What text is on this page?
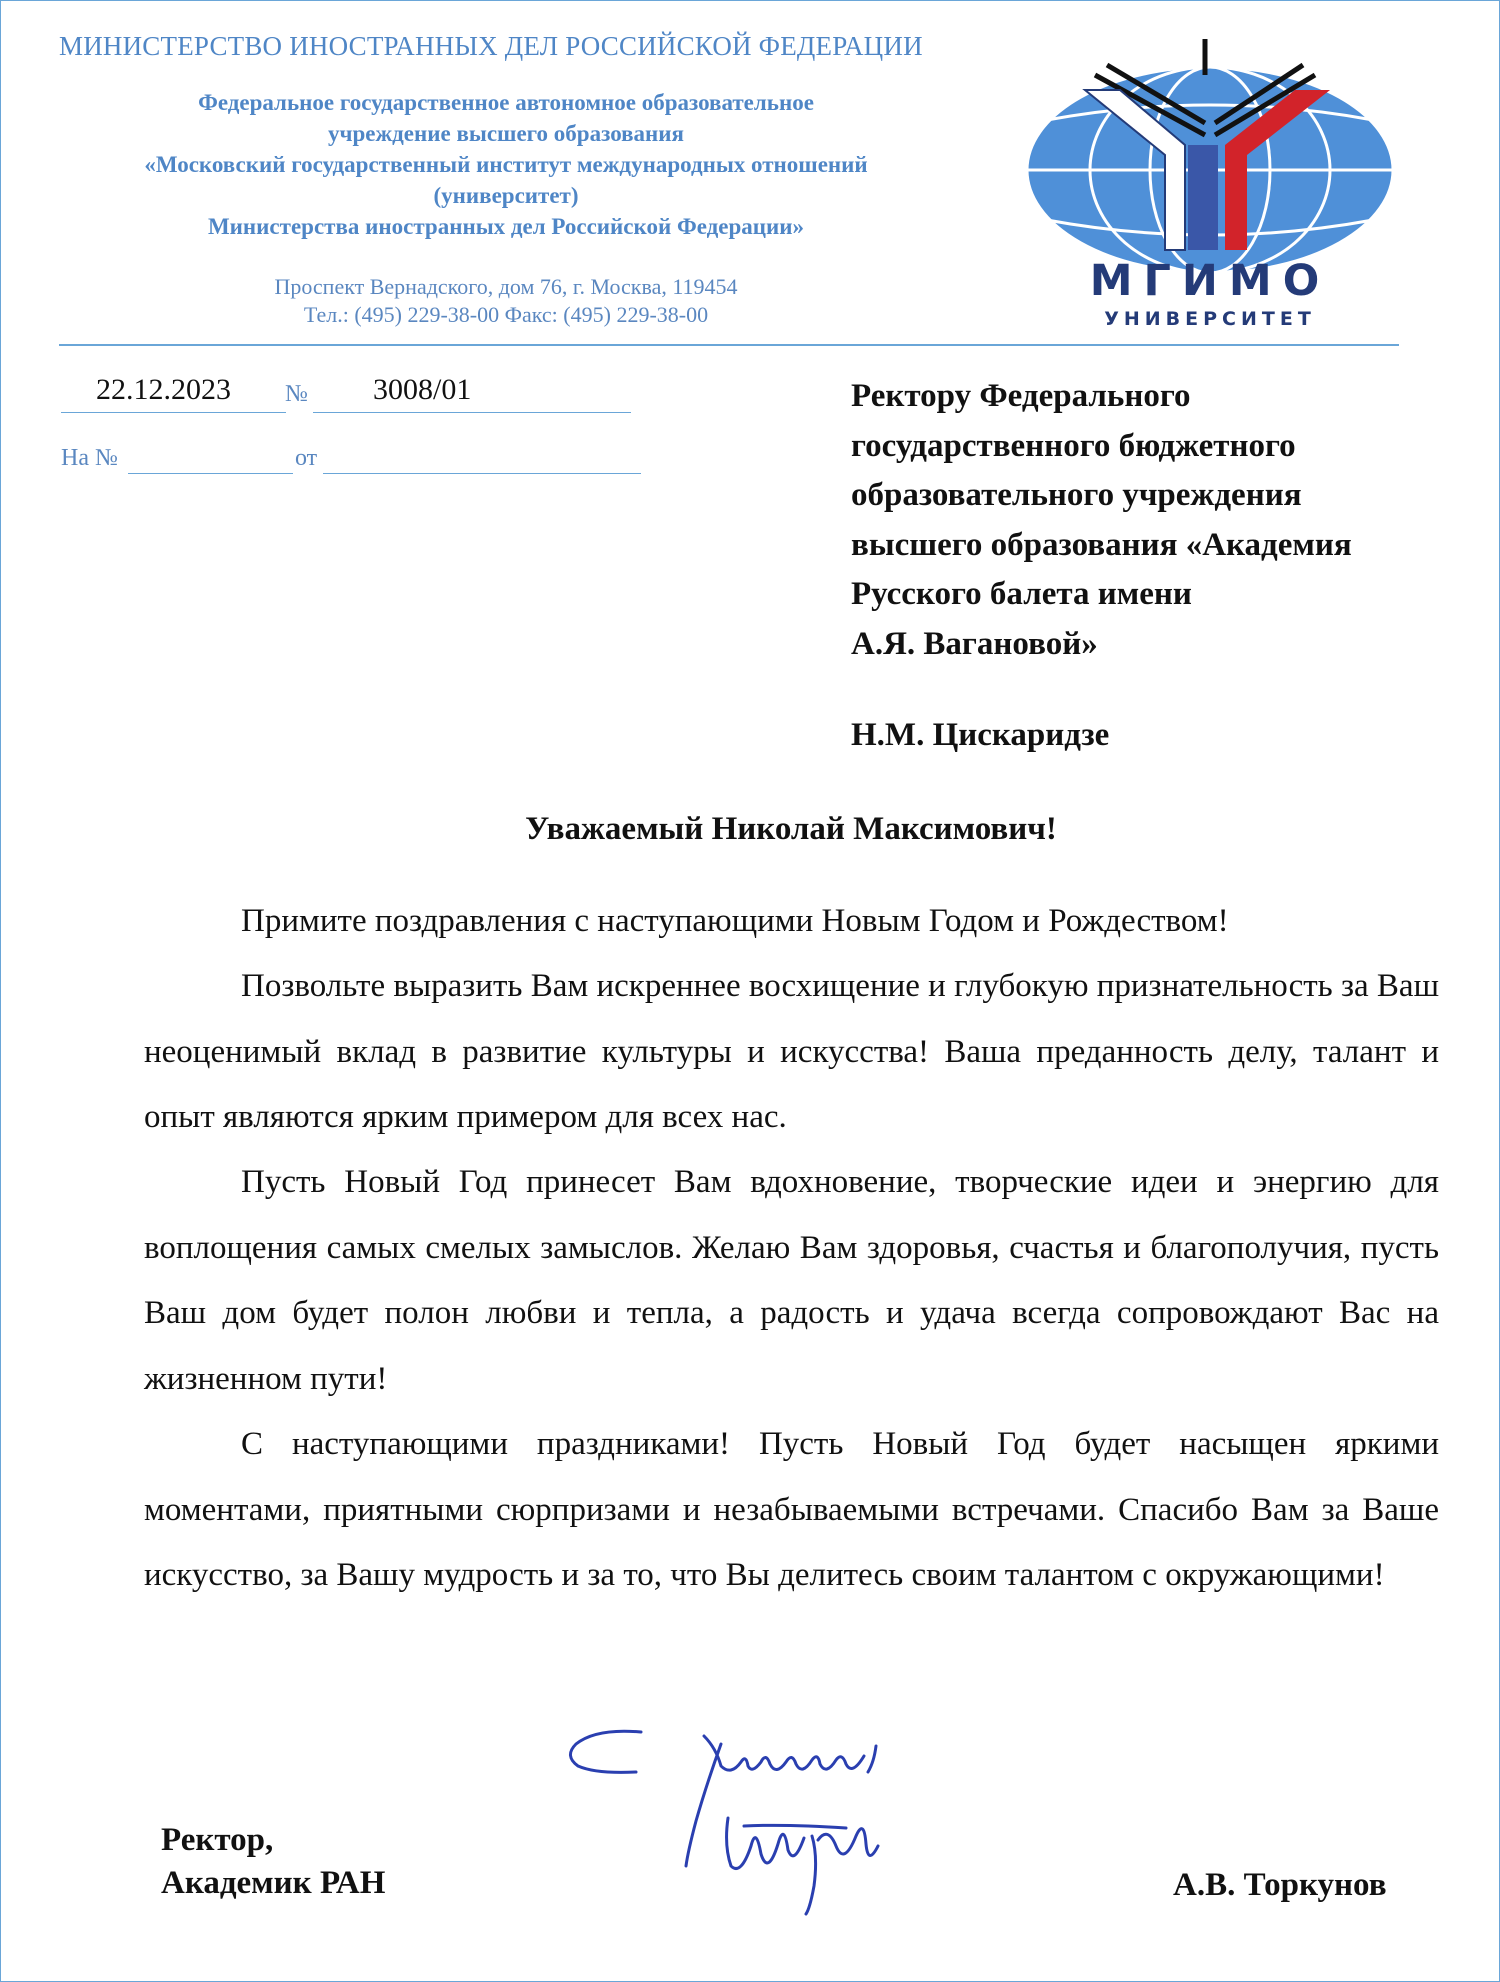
МИНИСТЕРСТВО ИНОСТРАННЫХ ДЕЛ РОССИЙСКОЙ ФЕДЕРАЦИИ
Федеральное государственное автономное образовательное
учреждение высшего образования
«Московский государственный институт международных отношений
(университет)
Министерства иностранных дел Российской Федерации»
Проспект Вернадского, дом 76, г. Москва, 119454
Тел.: (495) 229-38-00 Факс: (495) 229-38-00
МГИМО
УНИВЕРСИТЕТ
22.12.2023 № 3008/01
На №	от
Ректору Федерального
государственного бюджетного
образовательного учреждения
высшего образования «Академия
Русского балета имени
А.Я. Вагановой»
Н.М. Цискаридзе
Уважаемый Николай Максимович!
Примите поздравления с наступающими Новым Годом и Рождеством!
Позвольте выразить Вам искреннее восхищение и глубокую признательность за Ваш неоценимый вклад в развитие культуры и искусства! Ваша преданность делу, талант и опыт являются ярким примером для всех нас.
Пусть Новый Год принесет Вам вдохновение, творческие идеи и энергию для воплощения самых смелых замыслов. Желаю Вам здоровья, счастья и благополучия, пусть Ваш дом будет полон любви и тепла, а радость и удача всегда сопровождают Вас на жизненном пути!
С наступающими праздниками! Пусть Новый Год будет насыщен яркими моментами, приятными сюрпризами и незабываемыми встречами. Спасибо Вам за Ваше искусство, за Вашу мудрость и за то, что Вы делитесь своим талантом с окружающими!
Ректор,
Академик РАН	А.В. Торкунов
